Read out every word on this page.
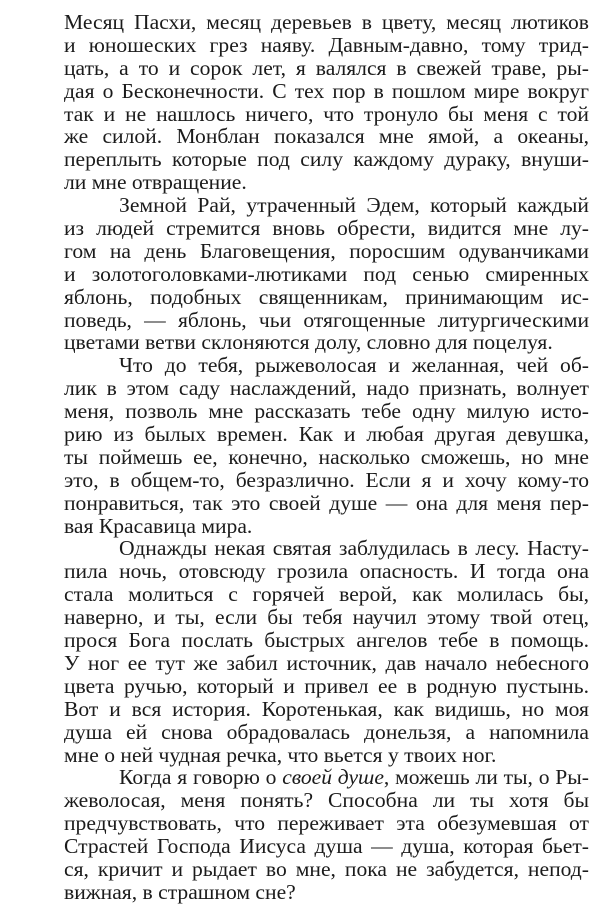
Месяц Пасхи, месяц деревьев в цвету, месяц лютиков
и юношеских грез наяву. Давным-давно, тому трид-
цать, а то и сорок лет, я валялся в свежей траве, ры-
дая о Бесконечности. С тех пор в пошлом мире вокруг
так и не нашлось ничего, что тронуло бы меня с той
же силой. Монблан показался мне ямой, а океаны,
переплыть которые под силу каждому дураку, внуши-
ли мне отвращение.
Земной Рай, утраченный Эдем, который каждый
из людей стремится вновь обрести, видится мне лу-
гом на день Благовещения, поросшим одуванчиками
и золотоголовками-лютиками под сенью смиренных
яблонь, подобных священникам, принимающим ис-
поведь, — яблонь, чьи отягощенные литургическими
цветами ветви склоняются долу, словно для поцелуя.
Что до тебя, рыжеволосая и желанная, чей об-
лик в этом саду наслаждений, надо признать, волнует
меня, позволь мне рассказать тебе одну милую исто-
рию из былых времен. Как и любая другая девушка,
ты поймешь ее, конечно, насколько сможешь, но мне
это, в общем-то, безразлично. Если я и хочу кому-то
понравиться, так это своей душе — она для меня пер-
вая Красавица мира.
Однажды некая святая заблудилась в лесу. Насту-
пила ночь, отовсюду грозила опасность. И тогда она
стала молиться с горячей верой, как молилась бы,
наверно, и ты, если бы тебя научил этому твой отец,
прося Бога послать быстрых ангелов тебе в помощь.
У ног ее тут же забил источник, дав начало небесного
цвета ручью, который и привел ее в родную пустынь.
Вот и вся история. Коротенькая, как видишь, но моя
душа ей снова обрадовалась донельзя, а напомнила
мне о ней чудная речка, что вьется у твоих ног.
Когда я говорю о своей душе, можешь ли ты, о Ры-
жеволосая, меня понять? Способна ли ты хотя бы
предчувствовать, что переживает эта обезумевшая от
Страстей Господа Иисуса душа — душа, которая бьет-
ся, кричит и рыдает во мне, пока не забудется, непод-
вижная, в страшном сне?
